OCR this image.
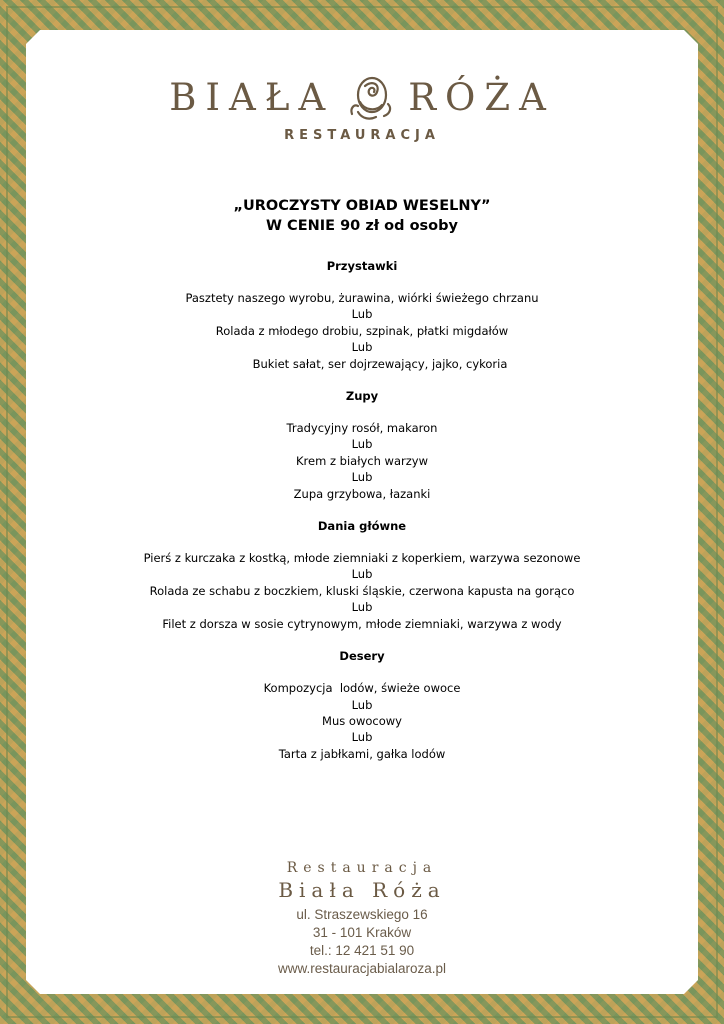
BIAŁA RÓŻA
RESTAURACJA
„UROCZYSTY OBIAD WESELNY”
W CENIE 90 zł od osoby
Przystawki
Pasztety naszego wyrobu, żurawina, wiórki świeżego chrzanu
Lub
Rolada z młodego drobiu, szpinak, płatki migdałów
Lub
Bukiet sałat, ser dojrzewający, jajko, cykoria
Zupy
Tradycyjny rosół, makaron
Lub
Krem z białych warzyw
Lub
Zupa grzybowa, łazanki
Dania główne
Pierś z kurczaka z kostką, młode ziemniaki z koperkiem, warzywa sezonowe
Lub
Rolada ze schabu z boczkiem, kluski śląskie, czerwona kapusta na gorąco
Lub
Filet z dorsza w sosie cytrynowym, młode ziemniaki, warzywa z wody
Desery
Kompozycja  lodów, świeże owoce
Lub
Mus owocowy
Lub
Tarta z jabłkami, gałka lodów
Restauracja
Biała Róża
ul. Straszewskiego 16
31 - 101 Kraków
tel.: 12 421 51 90
www.restauracjabialaroza.pl
